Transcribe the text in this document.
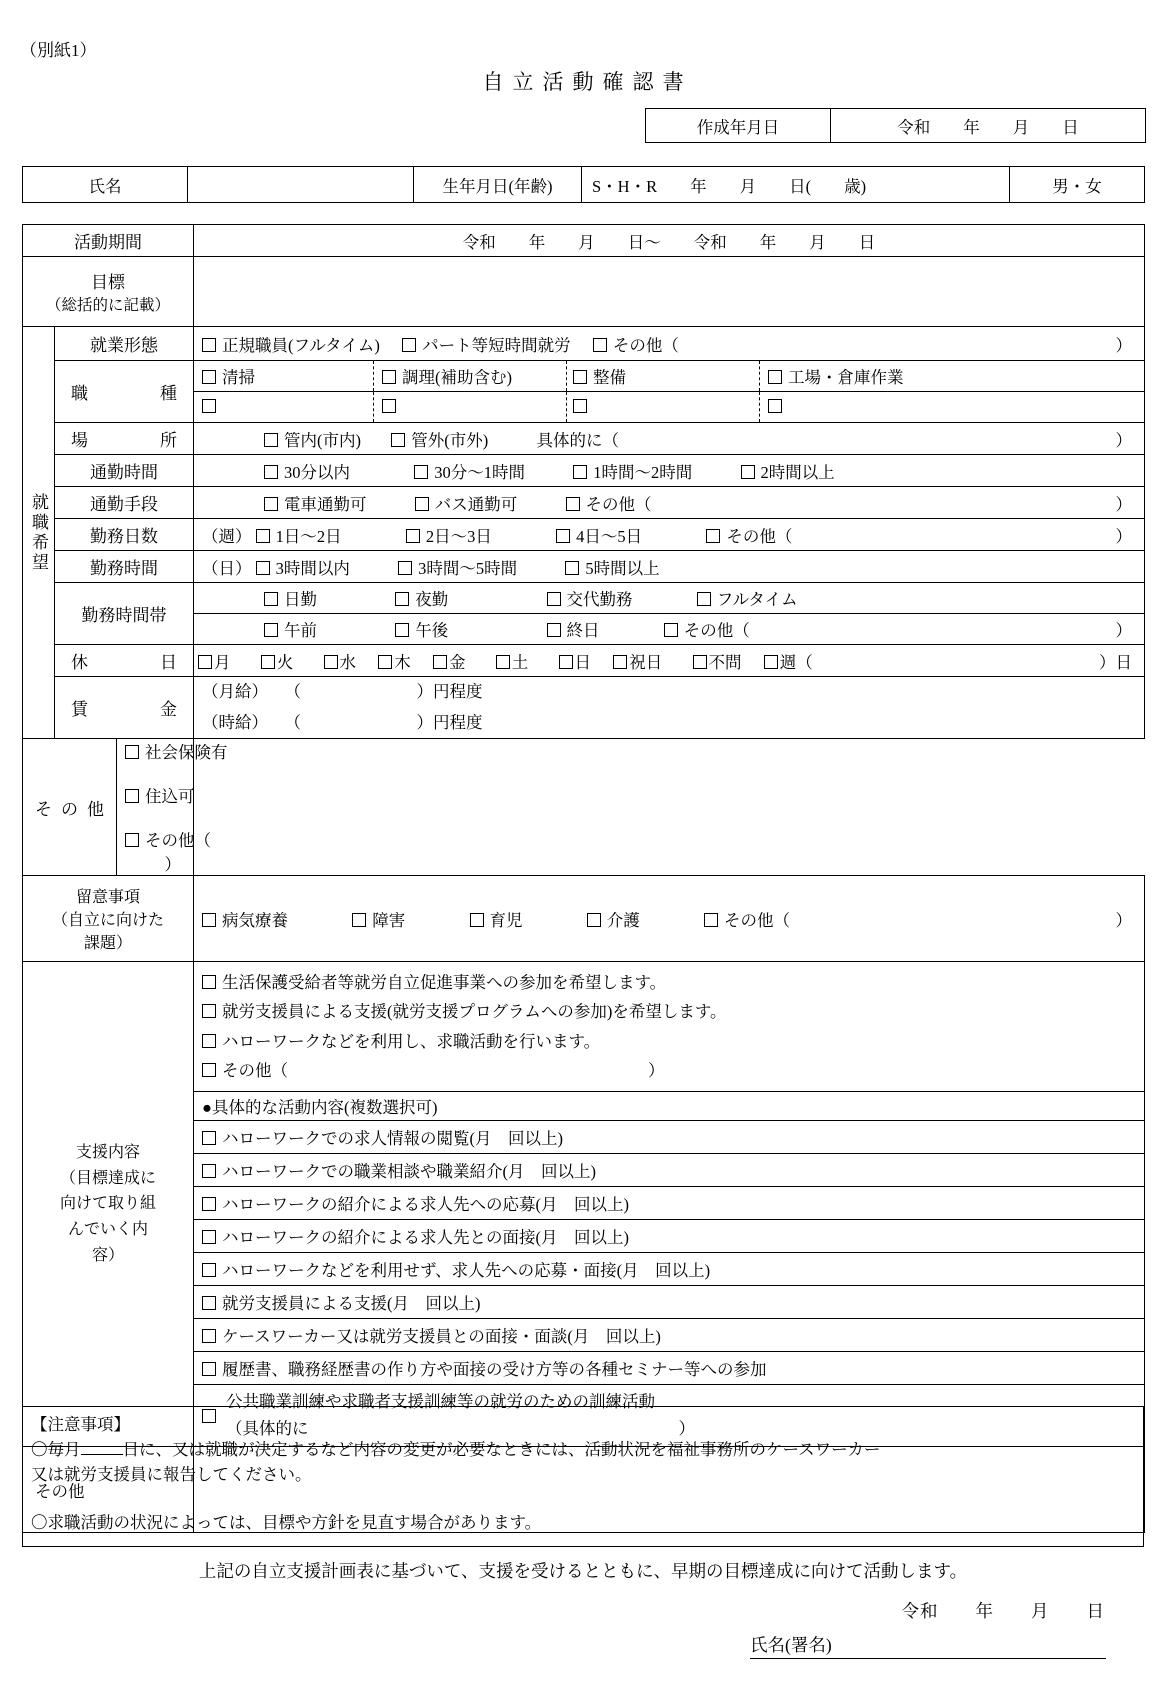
（別紙1）
自立活動確認書
作成年月日	令和　　年　　月　　日
氏名		生年月日(年齢)	S・H・R　　年　　月　　日(　　歳)	男・女
活動期間			令和　　年　　月　　日～　　令和　　年　　月　　日

目標
（総括的に記載）			

就職希望	就業形態		正規職員(フルタイム) パート等短時間就労 その他（ ）

職	種

清掃	調理(補助含む)	整備	工場・倉庫作業

	場 所		管内(市内) 管外(市外) 具体的に（ ）

	通勤時間		30分以内 30分～1時間 1時間～2時間 2時間以上
	通勤手段		電車通勤可 バス通勤可 その他（ ）

	勤務日数		（週） 1日～2日 2日～3日 4日～5日 その他（ ）

	勤務時間		（日） 3時間以内 3時間～5時間 5時間以上
	勤務時間帯		日勤 夜勤 交代勤務 フルタイム
			午前 午後 終日 その他（ ）

	休 日		月 火 水 木 金 土 日 祝日 不問 週（ ）日

賃	金

（月給）　　（　　　　　　　）円程度
（時給）　　（　　　　　　　）円程度

そ の 他		社会保険有  住込可  その他（
）	

留意事項
（自立に向けた
課題）
	病気療養	障害	育児	介護	その他（	）

支援内容
（目標達成に
向けて取り組
んでいく内
容）

生活保護受給者等就労自立促進事業への参加を希望します。
就労支援員による支援(就労支援プログラムへの参加)を希望します。
ハローワークなどを利用し、求職活動を行います。
その他（	）

			●具体的な活動内容(複数選択可)
			ハローワークでの求人情報の閲覧(月　回以上)
			ハローワークでの職業相談や職業紹介(月　回以上)
			ハローワークの紹介による求人先への応募(月　回以上)
			ハローワークの紹介による求人先との面接(月　回以上)
			ハローワークなどを利用せず、求人先への応募・面接(月　回以上)
			就労支援員による支援(月　回以上)
			ケースワーカー又は就労支援員との面接・面談(月　回以上)
			履歴書、職務経歴書の作り方や面接の受け方等の各種セミナー等への参加

			公共職業訓練や求職者支援訓練等の就労のための訓練活動
（具体的に ）

その他			
【注意事項】
〇毎月	日に、又は就職が決定するなど内容の変更が必要なときには、活動状況を福祉事務所のケースワーカー
又は就労支援員に報告してください。

〇求職活動の状況によっては、目標や方針を見直す場合があります。
上記の自立支援計画表に基づいて、支援を受けるとともに、早期の目標達成に向けて活動します。
令和　　年　　月　　日
氏名(署名)
